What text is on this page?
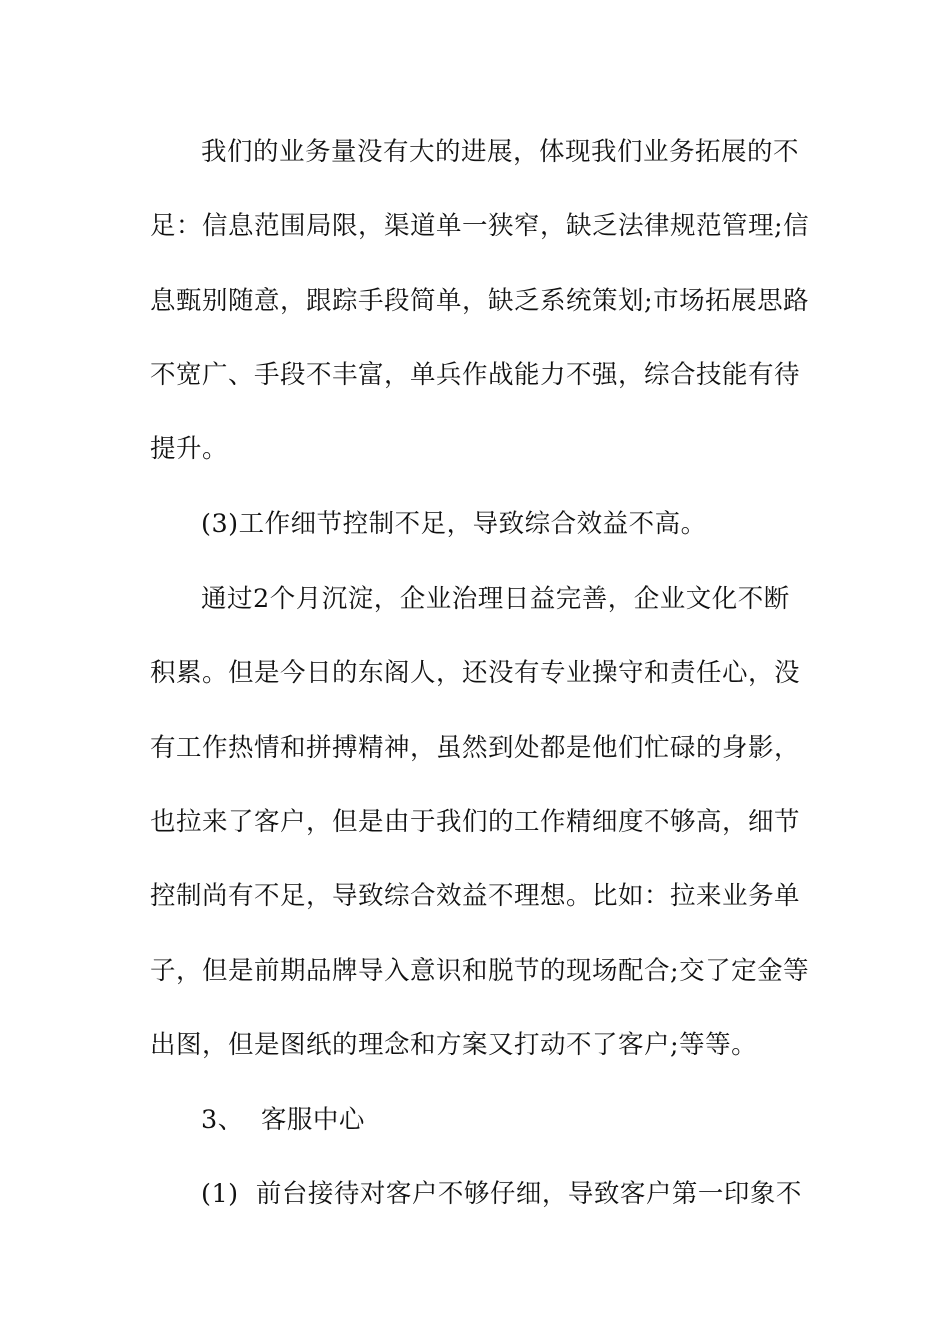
我们的业务量没有大的进展，体现我们业务拓展的不
足：信息范围局限，渠道单一狭窄，缺乏法律规范管理;信
息甄别随意，跟踪手段简单，缺乏系统策划;市场拓展思路
不宽广、手段不丰富，单兵作战能力不强，综合技能有待
提升。
(3)工作细节控制不足，导致综合效益不高。
通过2个月沉淀，企业治理日益完善，企业文化不断
积累。但是今日的东阁人，还没有专业操守和责任心，没
有工作热情和拼搏精神，虽然到处都是他们忙碌的身影，
也拉来了客户，但是由于我们的工作精细度不够高，细节
控制尚有不足，导致综合效益不理想。比如：拉来业务单
子，但是前期品牌导入意识和脱节的现场配合;交了定金等
出图，但是图纸的理念和方案又打动不了客户;等等。
3、  客服中心
(1)  前台接待对客户不够仔细，导致客户第一印象不
